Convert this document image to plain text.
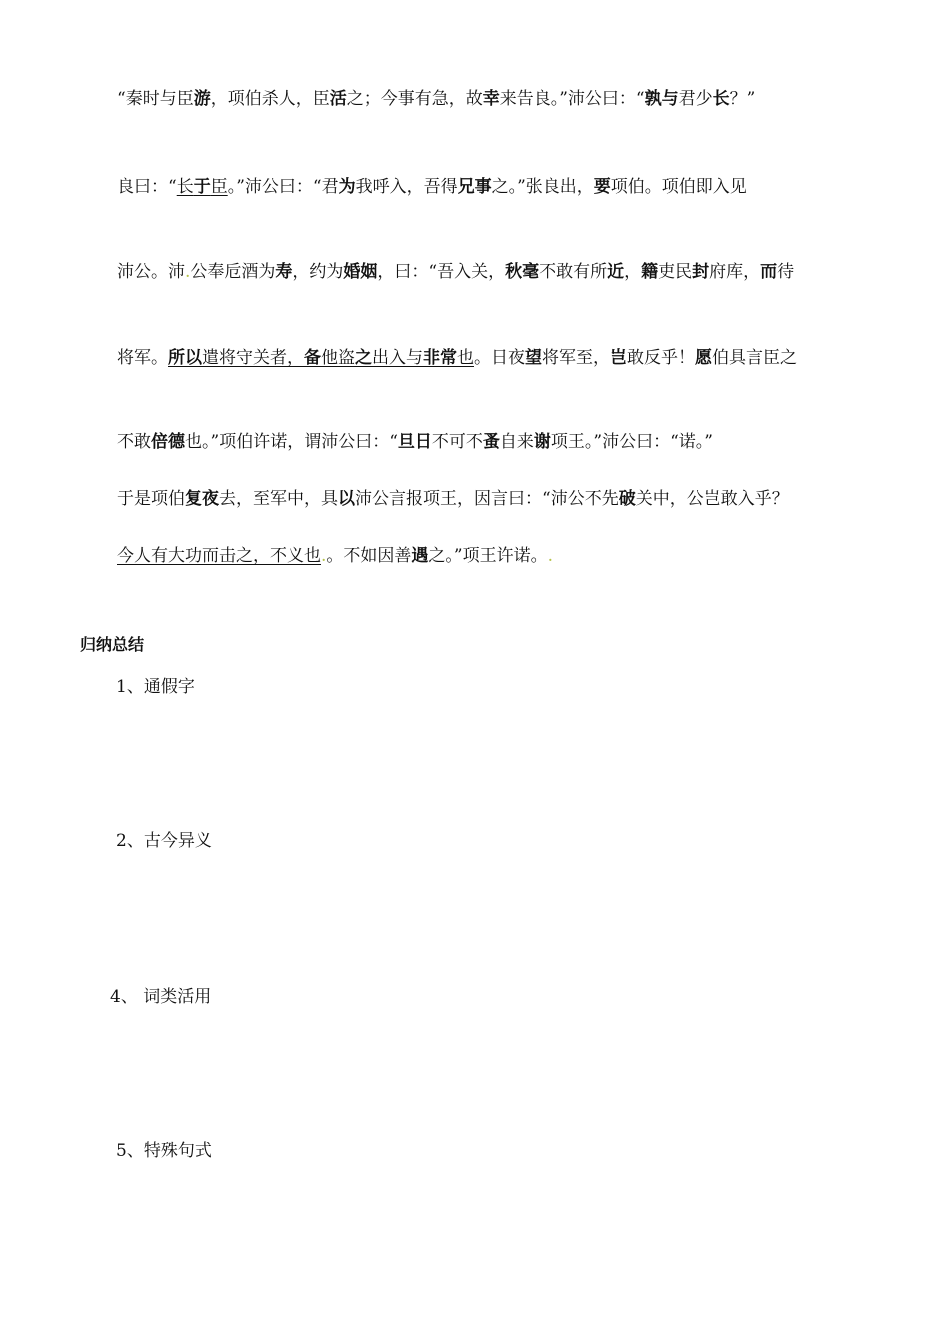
“秦时与臣游，项伯杀人，臣活之；今事有急，故幸来告良。”沛公曰：“孰与君少长？”

良曰：“长于臣。”沛公曰：“君为我呼入，吾得兄事之。”张良出，要项伯。项伯即入见

沛公。沛.公奉卮酒为寿，约为婚姻，曰：“吾入关，秋毫不敢有所近，籍吏民封府库，而待

将军。所以遣将守关者，备他盗之出入与非常也。日夜望将军至，岂敢反乎！愿伯具言臣之

不敢倍德也。”项伯许诺，谓沛公曰：“旦日不可不蚤自来谢项王。”沛公曰：“诺。”

于是项伯复夜去，至军中，具以沛公言报项王，因言曰：“沛公不先破关中，公岂敢入乎？

今人有大功而击之，不义也.。不如因善遇之。”项王许诺。.

归纳总结
1、通假字
2、古今异义
4、 词类活用
5、特殊句式
